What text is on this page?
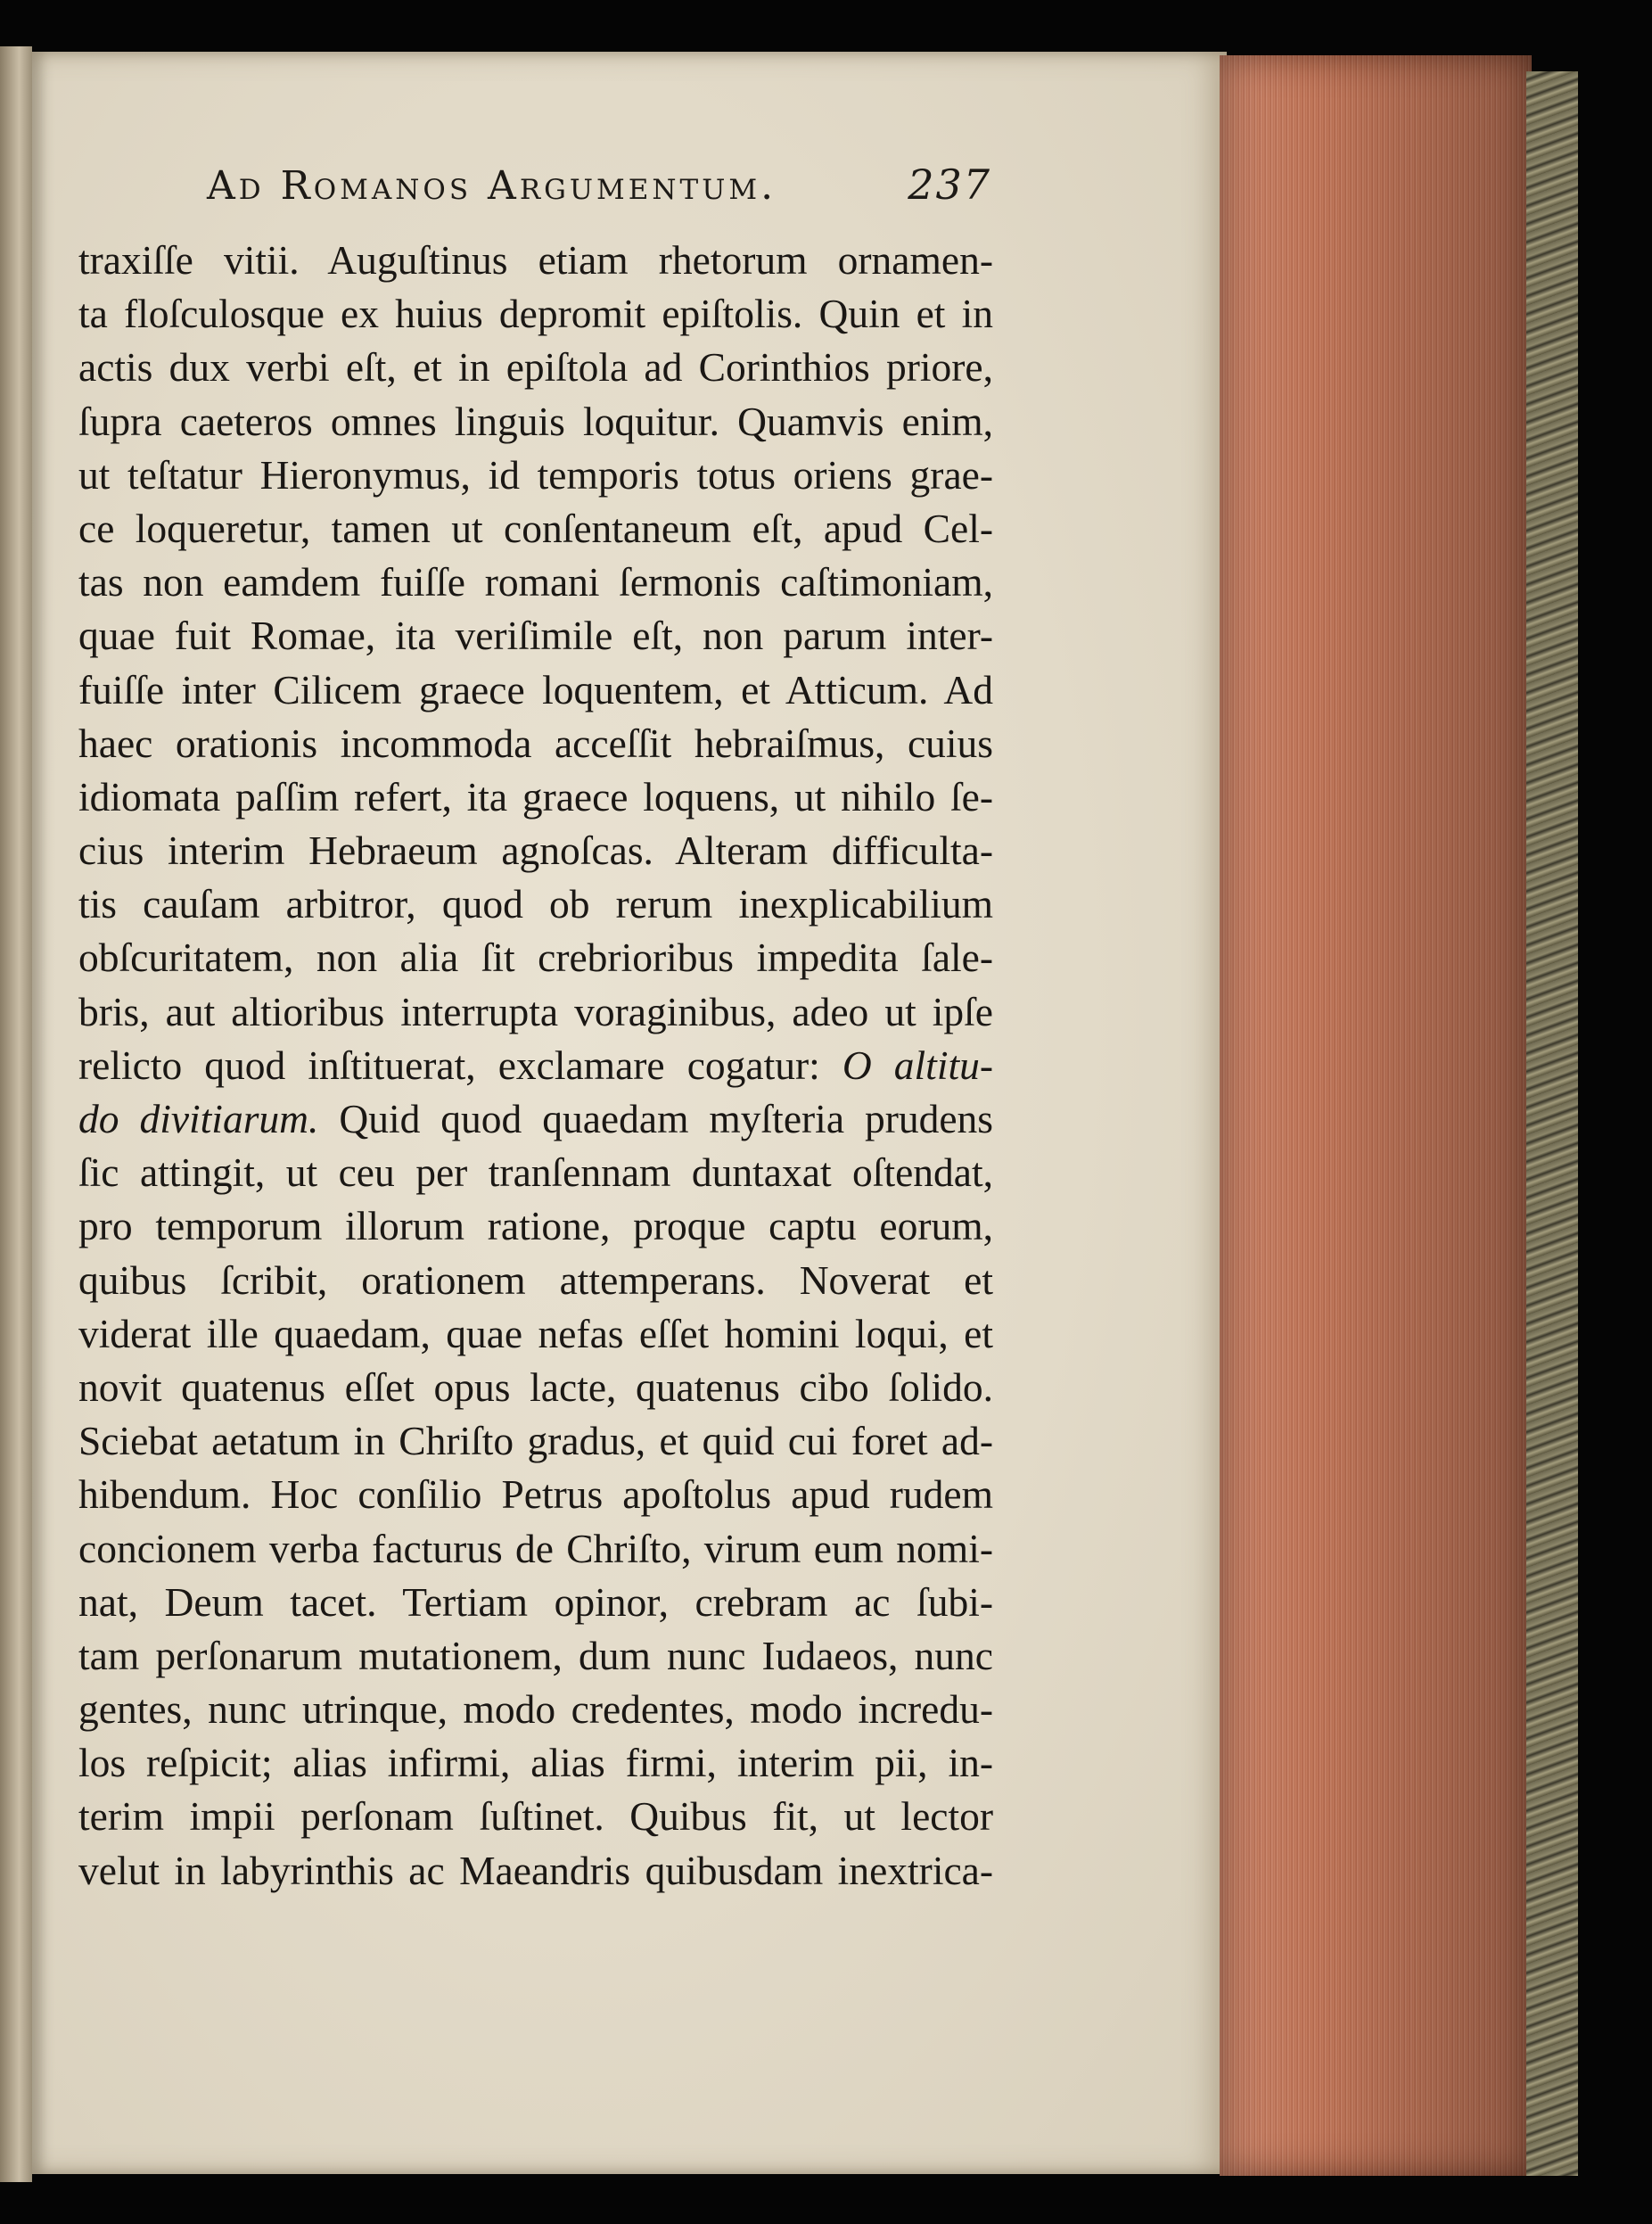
Ad Romanos Argumentum.	237
traxiſſe vitii. Auguſtinus etiam rhetorum ornamen-
ta floſculosque ex huius depromit epiſtolis. Quin et in
actis dux verbi eſt, et in epiſtola ad Corinthios priore,
ſupra caeteros omnes linguis loquitur. Quamvis enim,
ut teſtatur Hieronymus, id temporis totus oriens grae-
ce loqueretur, tamen ut conſentaneum eſt, apud Cel-
tas non eamdem fuiſſe romani ſermonis caſtimoniam,
quae fuit Romae, ita veriſimile eſt, non parum inter-
fuiſſe inter Cilicem graece loquentem, et Atticum. Ad
haec orationis incommoda acceſſit hebraiſmus, cuius
idiomata paſſim refert, ita graece loquens, ut nihilo ſe-
cius interim Hebraeum agnoſcas. Alteram difficulta-
tis cauſam arbitror, quod ob rerum inexplicabilium
obſcuritatem, non alia ſit crebrioribus impedita ſale-
bris, aut altioribus interrupta voraginibus, adeo ut ipſe
relicto quod inſtituerat, exclamare cogatur: O altitu-
do divitiarum. Quid quod quaedam myſteria prudens
ſic attingit, ut ceu per tranſennam duntaxat oſtendat,
pro temporum illorum ratione, proque captu eorum,
quibus ſcribit, orationem attemperans. Noverat et
viderat ille quaedam, quae nefas eſſet homini loqui, et
novit quatenus eſſet opus lacte, quatenus cibo ſolido.
Sciebat aetatum in Chriſto gradus, et quid cui foret ad-
hibendum. Hoc conſilio Petrus apoſtolus apud rudem
concionem verba facturus de Chriſto, virum eum nomi-
nat, Deum tacet. Tertiam opinor, crebram ac ſubi-
tam perſonarum mutationem, dum nunc Iudaeos, nunc
gentes, nunc utrinque, modo credentes, modo incredu-
los reſpicit; alias infirmi, alias firmi, interim pii, in-
terim impii perſonam ſuſtinet. Quibus fit, ut lector
velut in labyrinthis ac Maeandris quibusdam inextrica-
